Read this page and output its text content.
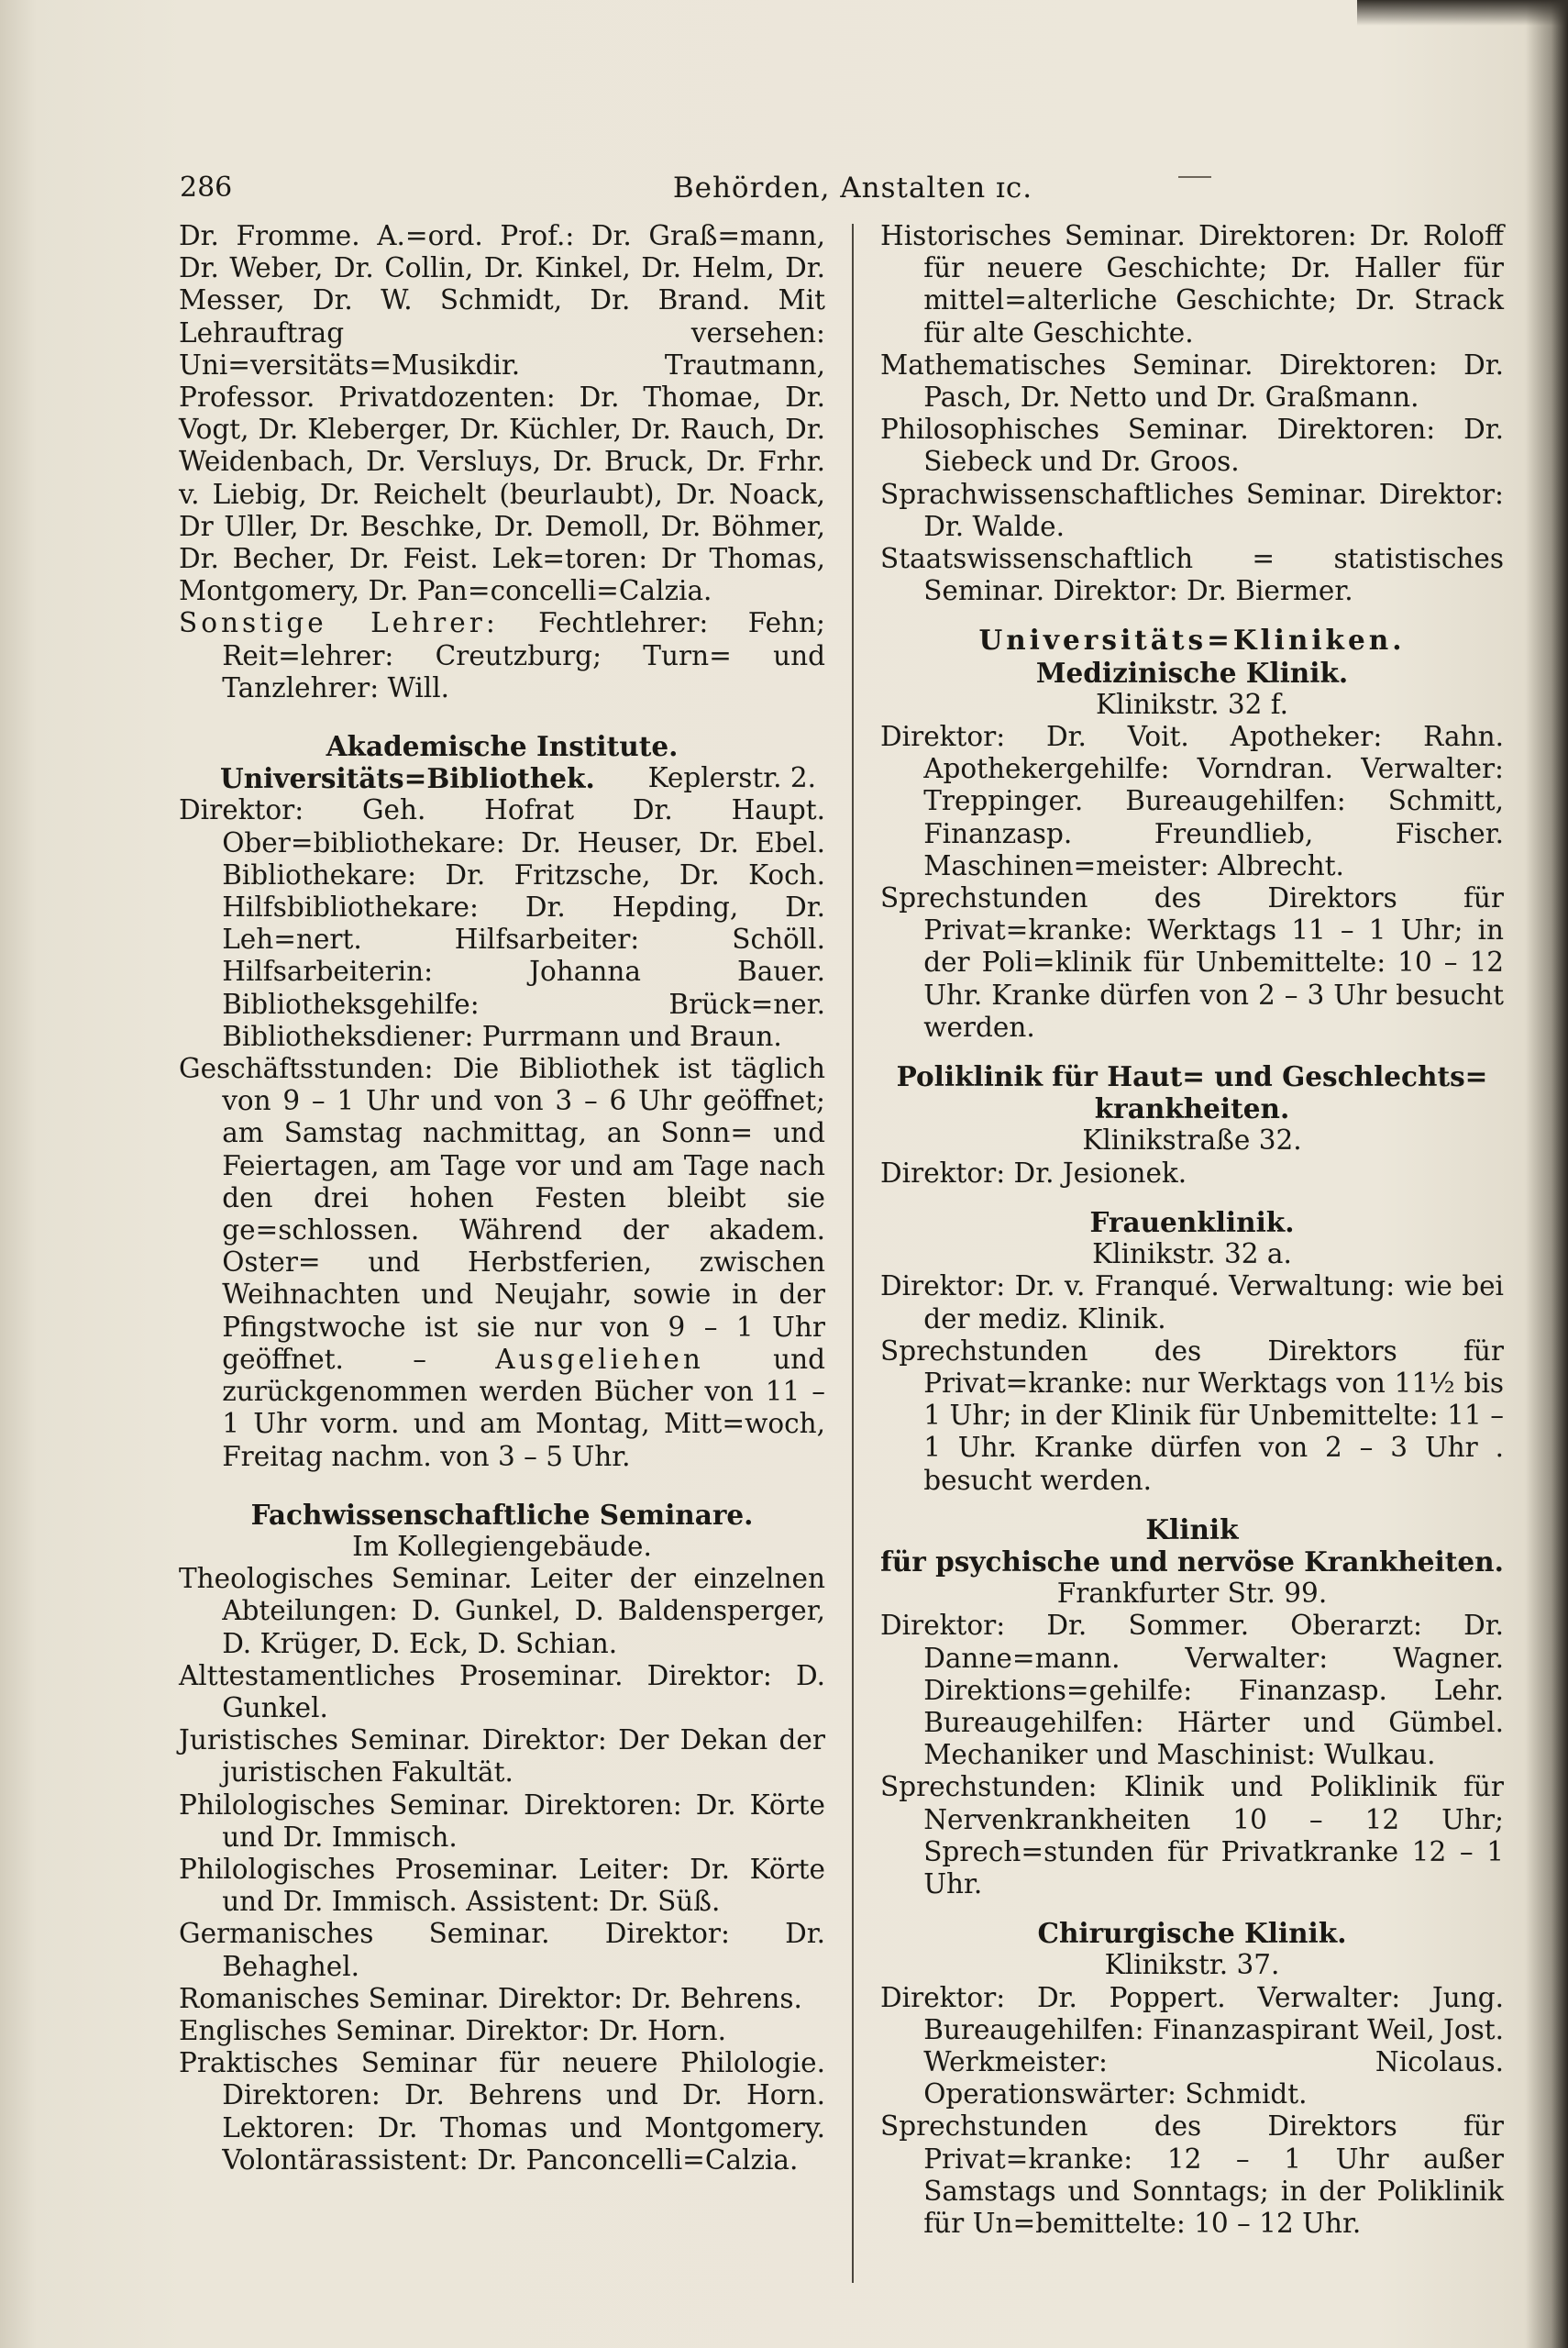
286	Behörden, Anstalten ɪc.

Dr. Fromme. A.=ord. Prof.: Dr. Graß=mann, Dr. Weber, Dr. Collin, Dr. Kinkel, Dr. Helm, Dr. Messer, Dr. W. Schmidt, Dr. Brand. Mit Lehrauftrag versehen: Uni=versitäts=Musikdir. Trautmann, Professor. Privatdozenten: Dr. Thomae, Dr. Vogt, Dr. Kleberger, Dr. Küchler, Dr. Rauch, Dr. Weidenbach, Dr. Versluys, Dr. Bruck, Dr. Frhr. v. Liebig, Dr. Reichelt (beurlaubt), Dr. Noack, Dr Uller, Dr. Beschke, Dr. Demoll, Dr. Böhmer, Dr. Becher, Dr. Feist. Lek=toren: Dr Thomas, Montgomery, Dr. Pan=concelli=Calzia.

Sonstige Lehrer: Fechtlehrer: Fehn; Reit=lehrer: Creutzburg; Turn= und Tanzlehrer: Will.

Akademische Institute.
Universitäts=Bibliothek. Keplerstr. 2.

Direktor: Geh. Hofrat Dr. Haupt. Ober=bibliothekare: Dr. Heuser, Dr. Ebel. Bibliothekare: Dr. Fritzsche, Dr. Koch. Hilfsbibliothekare: Dr. Hepding, Dr. Leh=nert. Hilfsarbeiter: Schöll. Hilfsarbeiterin: Johanna Bauer. Bibliotheksgehilfe: Brück=ner. Bibliotheksdiener: Purrmann und Braun.

Geschäftsstunden: Die Bibliothek ist täglich von 9 – 1 Uhr und von 3 – 6 Uhr geöffnet; am Samstag nachmittag, an Sonn= und Feiertagen, am Tage vor und am Tage nach den drei hohen Festen bleibt sie ge=schlossen. Während der akadem. Oster= und Herbstferien, zwischen Weihnachten und Neujahr, sowie in der Pfingstwoche ist sie nur von 9 – 1 Uhr geöffnet. –	Ausgeliehen	und zurückgenommen werden Bücher von 11 – 1 Uhr vorm. und am Montag, Mitt=woch, Freitag nachm. von 3 – 5 Uhr.

Fachwissenschaftliche Seminare.
Im Kollegiengebäude.

Theologisches Seminar. Leiter der einzelnen Abteilungen: D. Gunkel, D. Baldensperger, D. Krüger, D. Eck, D. Schian.

Alttestamentliches Proseminar. Direktor: D. Gunkel.

Juristisches Seminar. Direktor: Der Dekan der juristischen Fakultät.

Philologisches Seminar. Direktoren: Dr. Körte und Dr. Immisch.

Philologisches Proseminar. Leiter: Dr. Körte und Dr. Immisch. Assistent: Dr. Süß.

Germanisches Seminar. Direktor: Dr. Behaghel.

Romanisches Seminar. Direktor: Dr. Behrens.

Englisches Seminar. Direktor: Dr. Horn.

Praktisches Seminar für neuere Philologie. Direktoren: Dr. Behrens und Dr. Horn. Lektoren: Dr. Thomas und Montgomery. Volontärassistent: Dr. Panconcelli=Calzia.

Historisches Seminar. Direktoren: Dr. Roloff für neuere Geschichte; Dr. Haller für mittel=alterliche Geschichte; Dr. Strack für alte Geschichte.

Mathematisches Seminar. Direktoren: Dr. Pasch, Dr. Netto und Dr. Graßmann.

Philosophisches Seminar. Direktoren: Dr. Siebeck und Dr. Groos.

Sprachwissenschaftliches Seminar. Direktor: Dr. Walde.

Staatswissenschaftlich = statistisches Seminar. Direktor: Dr. Biermer.

Universitäts=Kliniken.
Medizinische Klinik.
Klinikstr. 32 f.

Direktor: Dr. Voit. Apotheker: Rahn. Apothekergehilfe: Vorndran. Verwalter: Treppinger. Bureaugehilfen: Schmitt, Finanzasp. Freundlieb, Fischer. Maschinen=meister: Albrecht.

Sprechstunden des Direktors für Privat=kranke: Werktags 11 – 1 Uhr; in der Poli=klinik für Unbemittelte: 10 – 12 Uhr. Kranke dürfen von 2 – 3 Uhr besucht werden.

Poliklinik für Haut= und Geschlechts=
krankheiten.
Klinikstraße 32.

Direktor: Dr. Jesionek.

Frauenklinik.
Klinikstr. 32 a.

Direktor: Dr. v. Franqué. Verwaltung: wie bei der mediz. Klinik.

Sprechstunden des Direktors für Privat=kranke: nur Werktags von 11½ bis 1 Uhr; in der Klinik für Unbemittelte: 11 – 1 Uhr. Kranke dürfen von 2 – 3 Uhr . besucht werden.

Klinik
für psychische und nervöse Krankheiten.
Frankfurter Str. 99.

Direktor: Dr. Sommer. Oberarzt: Dr. Danne=mann. Verwalter: Wagner. Direktions=gehilfe: Finanzasp. Lehr. Bureaugehilfen: Härter und Gümbel. Mechaniker und Maschinist: Wulkau.

Sprechstunden: Klinik und Poliklinik für Nervenkrankheiten 10 – 12 Uhr; Sprech=stunden für Privatkranke 12 – 1 Uhr.

Chirurgische Klinik.
Klinikstr. 37.

Direktor: Dr. Poppert. Verwalter: Jung. Bureaugehilfen: Finanzaspirant Weil, Jost. Werkmeister: Nicolaus. Operationswärter: Schmidt.

Sprechstunden des Direktors für Privat=kranke: 12 – 1 Uhr außer Samstags und Sonntags; in der Poliklinik für Un=bemittelte: 10 – 12 Uhr.
